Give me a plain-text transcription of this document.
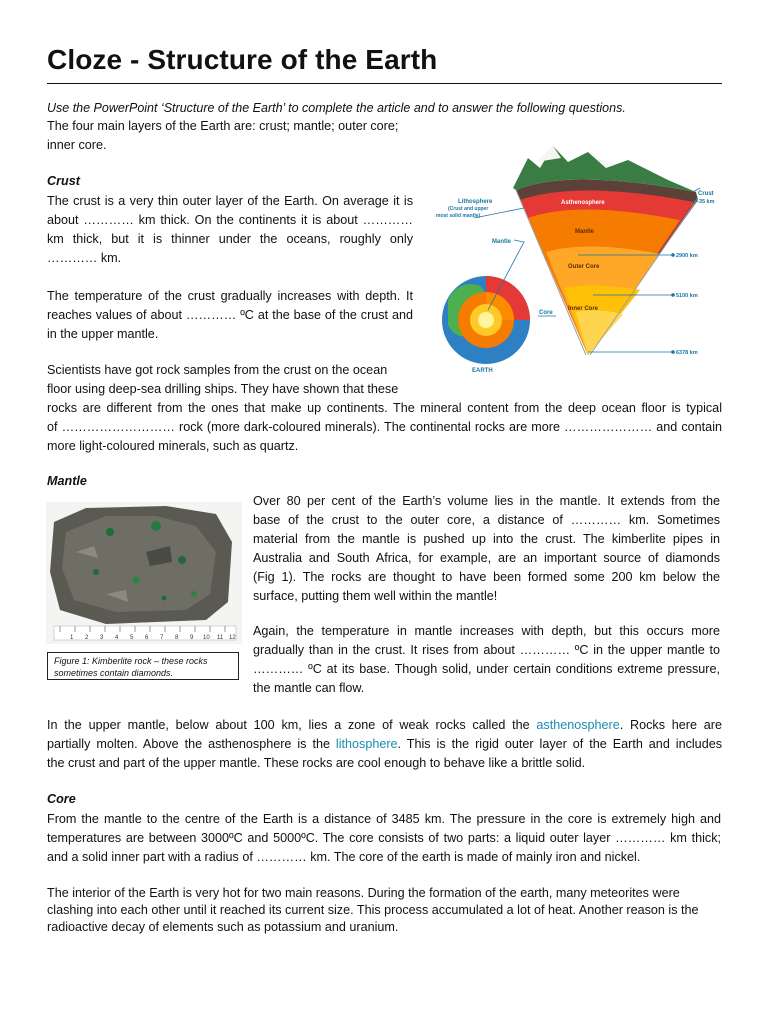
Cloze - Structure of the Earth
Use the PowerPoint ‘Structure of the Earth’ to complete the article and to answer the following questions.
The four main layers of the Earth are: crust; mantle; outer core;
inner core.
Crust
The crust is a very thin outer layer of the Earth. On average it is
about ………… km thick. On the continents it is about …………
km thick, but it is thinner under the oceans, roughly only
………… km.
The temperature of the crust gradually increases with depth. It
reaches values of about ………… ºC at the base of the crust and
in the upper mantle.
Scientists have got rock samples from the crust on the ocean
floor using deep-sea drilling ships. They have shown that these
rocks are different from the ones that make up continents. The mineral content from the deep ocean floor is typical
of ……………………… rock (more dark-coloured minerals). The continental rocks are more ………………… and contain
more light-coloured minerals, such as quartz.
Mantle
Over 80 per cent of the Earth’s volume lies in the mantle. It extends from the
base of the crust to the outer core, a distance of ………… km. Sometimes
material from the mantle is pushed up into the crust. The kimberlite pipes in
Australia and South Africa, for example, are an important source of diamonds
(Fig 1). The rocks are thought to have been formed some 200 km below the
surface, putting them well within the mantle!
Again, the temperature in mantle increases with depth, but this occurs more
gradually than in the crust. It rises from about ………… ºC in the upper mantle to
………… ºC at its base. Though solid, under certain conditions extreme pressure,
the mantle can flow.
In the upper mantle, below about 100 km, lies a zone of weak rocks called the asthenosphere. Rocks here are
partially molten. Above the asthenosphere is the lithosphere. This is the rigid outer layer of the Earth and includes
the crust and part of the upper mantle. These rocks are cool enough to behave like a brittle solid.
Core
From the mantle to the centre of the Earth is a distance of 3485 km. The pressure in the core is extremely high and
temperatures are between 3000ºC and 5000ºC. The core consists of two parts: a liquid outer layer ………… km thick;
and a solid inner part with a radius of ………… km. The core of the earth is made of mainly iron and nickel.
The interior of the Earth is very hot for two main reasons. During the formation of the earth, many meteorites were
clashing into each other until it reached its current size. This process accumulated a lot of heat. Another reason is the
radioactive decay of elements such as potassium and uranium.
Lithosphere
(Crust and upper
most solid mantle)
Asthenosphere
Mantle
Mantle
Outer Core
Inner Core
Core
Crust
0-35 km
2900 km
5100 km
6378 km
EARTH
1 2 3 4 5 6 7 8 9 10 11 12
Figure 1: Kimberlite rock – these rocks
sometimes contain diamonds.
